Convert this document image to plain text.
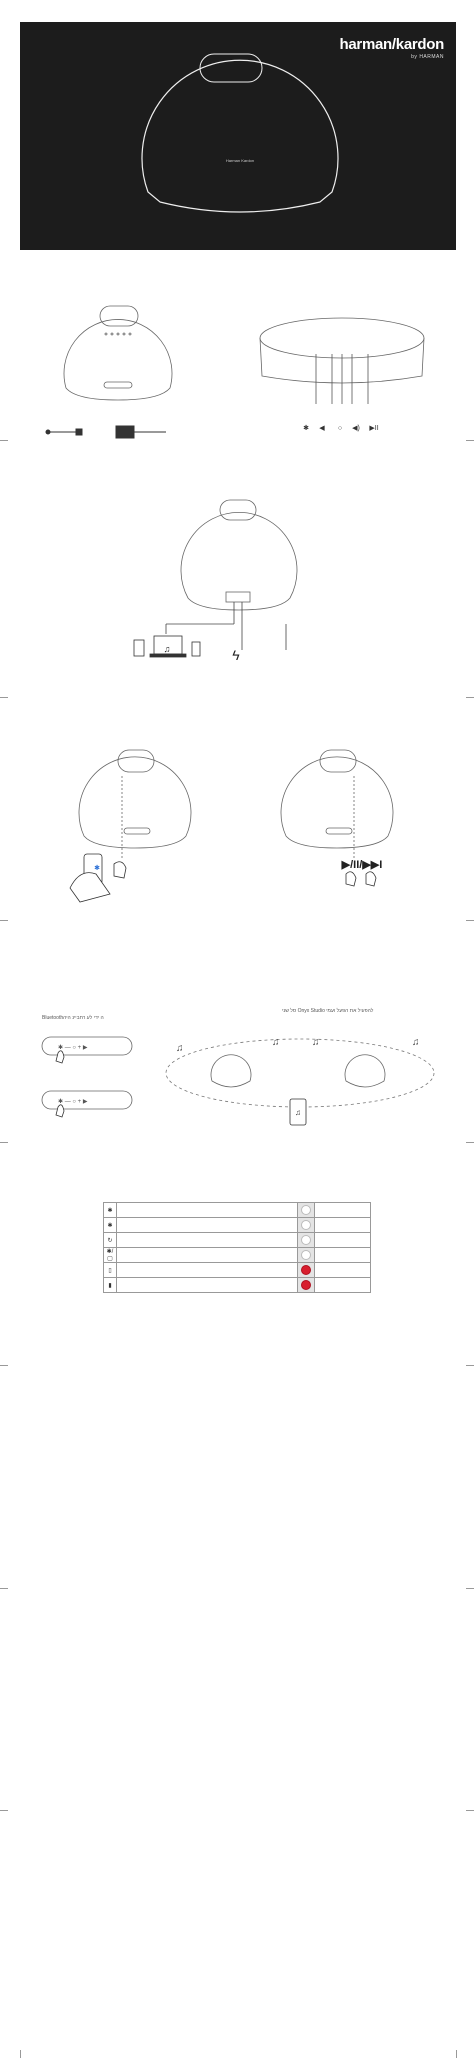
harman/kardon
by HARMAN
Harman Kardon
✱ ◀ ○ ◀) ▶II
ϟ
♫
✱	▶/II/▶▶I
Bluetoothה ידי לע רחביינ היה
סל שני Onyx Studio להפעיל את הפעל ועמי
✱ — ○ + ▶
✱ — ○ + ▶
♫
♫
♫	♫	♫
✱			
✱			
↻			
✱/▢			
▯			
▮			
